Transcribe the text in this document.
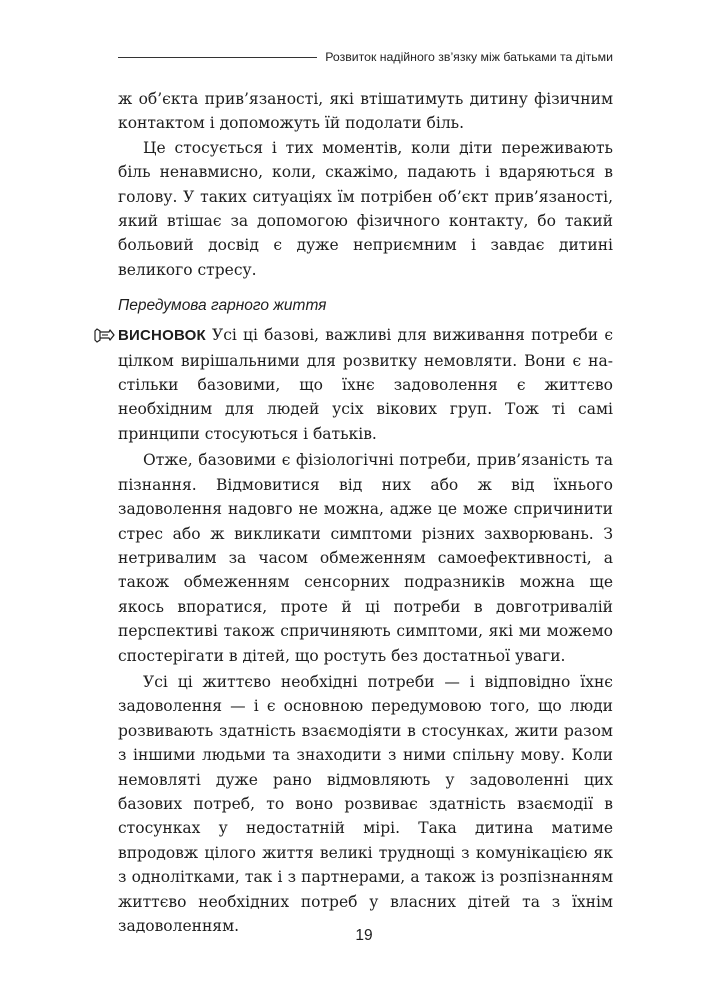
Розвиток надійного зв’язку між батьками та дітьми

ж об’єкта прив’язаності, які втішатимуть дитину фізичним контактом і допоможуть їй подолати біль.

Це стосується і тих моментів, коли діти переживають біль ненавмисно, коли, скажімо, падають і вдаряються в голову. У таких ситуаціях їм потрібен об’єкт прив’язаності, який втішає за допомогою фізичного контакту, бо такий больовий досвід є дуже неприємним і завдає дитині великого стресу.

Передумова гарного життя

ВИСНОВОК Усі ці базові, важливі для виживання потреби є цілком вирішальними для розвитку немовляти. Вони є настільки базовими, що їхнє задоволення є життєво необхідним для людей усіх вікових груп. Тож ті самі принципи стосуються і батьків.

Отже, базовими є фізіологічні потреби, прив’язаність та пізнання. Відмовитися від них або ж від їхнього задоволення надовго не можна, адже це може спричинити стрес або ж викликати симптоми різних захворювань. З нетривалим за часом обмеженням самоефективності, а також обмеженням сенсорних подразників можна ще якось впоратися, проте й ці потреби в довготривалій перспективі також спричиняють симптоми, які ми можемо спостерігати в дітей, що ростуть без достатньої уваги.

Усі ці життєво необхідні потреби — і відповідно їхнє задоволення — і є основною передумовою того, що люди розвивають здатність взаємодіяти в стосунках, жити разом з іншими людьми та знаходити з ними спільну мову. Коли немовляті дуже рано відмовляють у задоволенні цих базових потреб, то воно розвиває здатність взаємодії в стосунках у недостатній мірі. Така дитина матиме впродовж цілого життя великі труднощі з комунікацією як з однолітками, так і з партнерами, а також із розпізнанням життєво необхідних потреб у власних дітей та з їхнім задоволенням.

19
